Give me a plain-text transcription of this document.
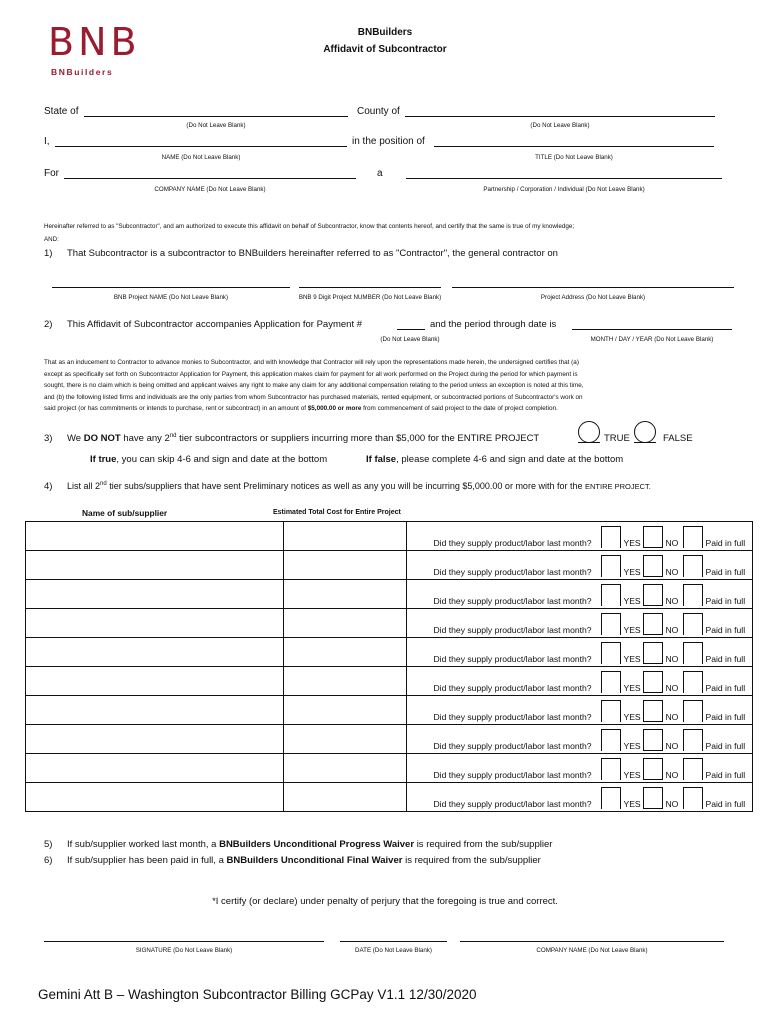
BNB
BNBuilders
BNBuilders
Affidavit of Subcontractor
State of
(Do Not Leave Blank)
County of
(Do Not Leave Blank)
I,
NAME (Do Not Leave Blank)
in the position of
TITLE (Do Not Leave Blank)
For
COMPANY NAME (Do Not Leave Blank)
a
Partnership / Corporation / Individual (Do Not Leave Blank)
Hereinafter referred to as "Subcontractor", and am authorized to execute this affidavit on behalf of Subcontractor, know that contents hereof, and certify that the same is true of my knowledge;
AND:
1) That Subcontractor is a subcontractor to BNBuilders hereinafter referred to as "Contractor", the general contractor on
BNB Project NAME (Do Not Leave Blank)	BNB 9 Digit Project NUMBER (Do Not Leave Blank)	Project Address (Do Not Leave Blank)
2) This Affidavit of Subcontractor accompanies Application for Payment #	and the period through date is
(Do Not Leave Blank)	MONTH / DAY / YEAR (Do Not Leave Blank)
That as an inducement to Contractor to advance monies to Subcontractor, and with knowledge that Contractor will rely upon the representations made herein, the undersigned certifies that (a)
except as specifically set forth on Subcontractor Application for Payment, this application makes claim for payment for all work performed on the Project during the period for which payment is
sought, there is no claim which is being omitted and applicant waives any right to make any claim for any additional compensation relating to the period unless an exception is noted at this time,
and (b) the following listed firms and individuals are the only parties from whom Subcontractor has purchased materials, rented equipment, or subcontracted portions of Subcontractor's work on
said project (or has commitments or intends to purchase, rent or subcontract) in an amount of $5,000.00 or more from commencement of said project to the date of project completion.
3) We DO NOT have any 2nd tier subcontractors or suppliers incurring more than $5,000 for the ENTIRE PROJECT	TRUE	FALSE
If true, you can skip 4-6 and sign and date at the bottom	If false, please complete 4-6 and sign and date at the bottom
4) List all 2nd tier subs/suppliers that have sent Preliminary notices as well as any you will be incurring $5,000.00 or more with for the ENTIRE PROJECT.
Name of sub/supplier	Estimated Total Cost for Entire Project

		Did they supply product/labor last month? YES NO Paid in full

		Did they supply product/labor last month? YES NO Paid in full

		Did they supply product/labor last month? YES NO Paid in full

		Did they supply product/labor last month? YES NO Paid in full

		Did they supply product/labor last month? YES NO Paid in full

		Did they supply product/labor last month? YES NO Paid in full

		Did they supply product/labor last month? YES NO Paid in full

		Did they supply product/labor last month? YES NO Paid in full

		Did they supply product/labor last month? YES NO Paid in full

		Did they supply product/labor last month? YES NO Paid in full
5) If sub/supplier worked last month, a BNBuilders Unconditional Progress Waiver is required from the sub/supplier
6) If sub/supplier has been paid in full, a BNBuilders Unconditional Final Waiver is required from the sub/supplier
*I certify (or declare) under penalty of perjury that the foregoing is true and correct.
SIGNATURE (Do Not Leave Blank)	DATE (Do Not Leave Blank)	COMPANY NAME (Do Not Leave Blank)
Gemini Att B – Washington Subcontractor Billing GCPay V1.1 12/30/2020
